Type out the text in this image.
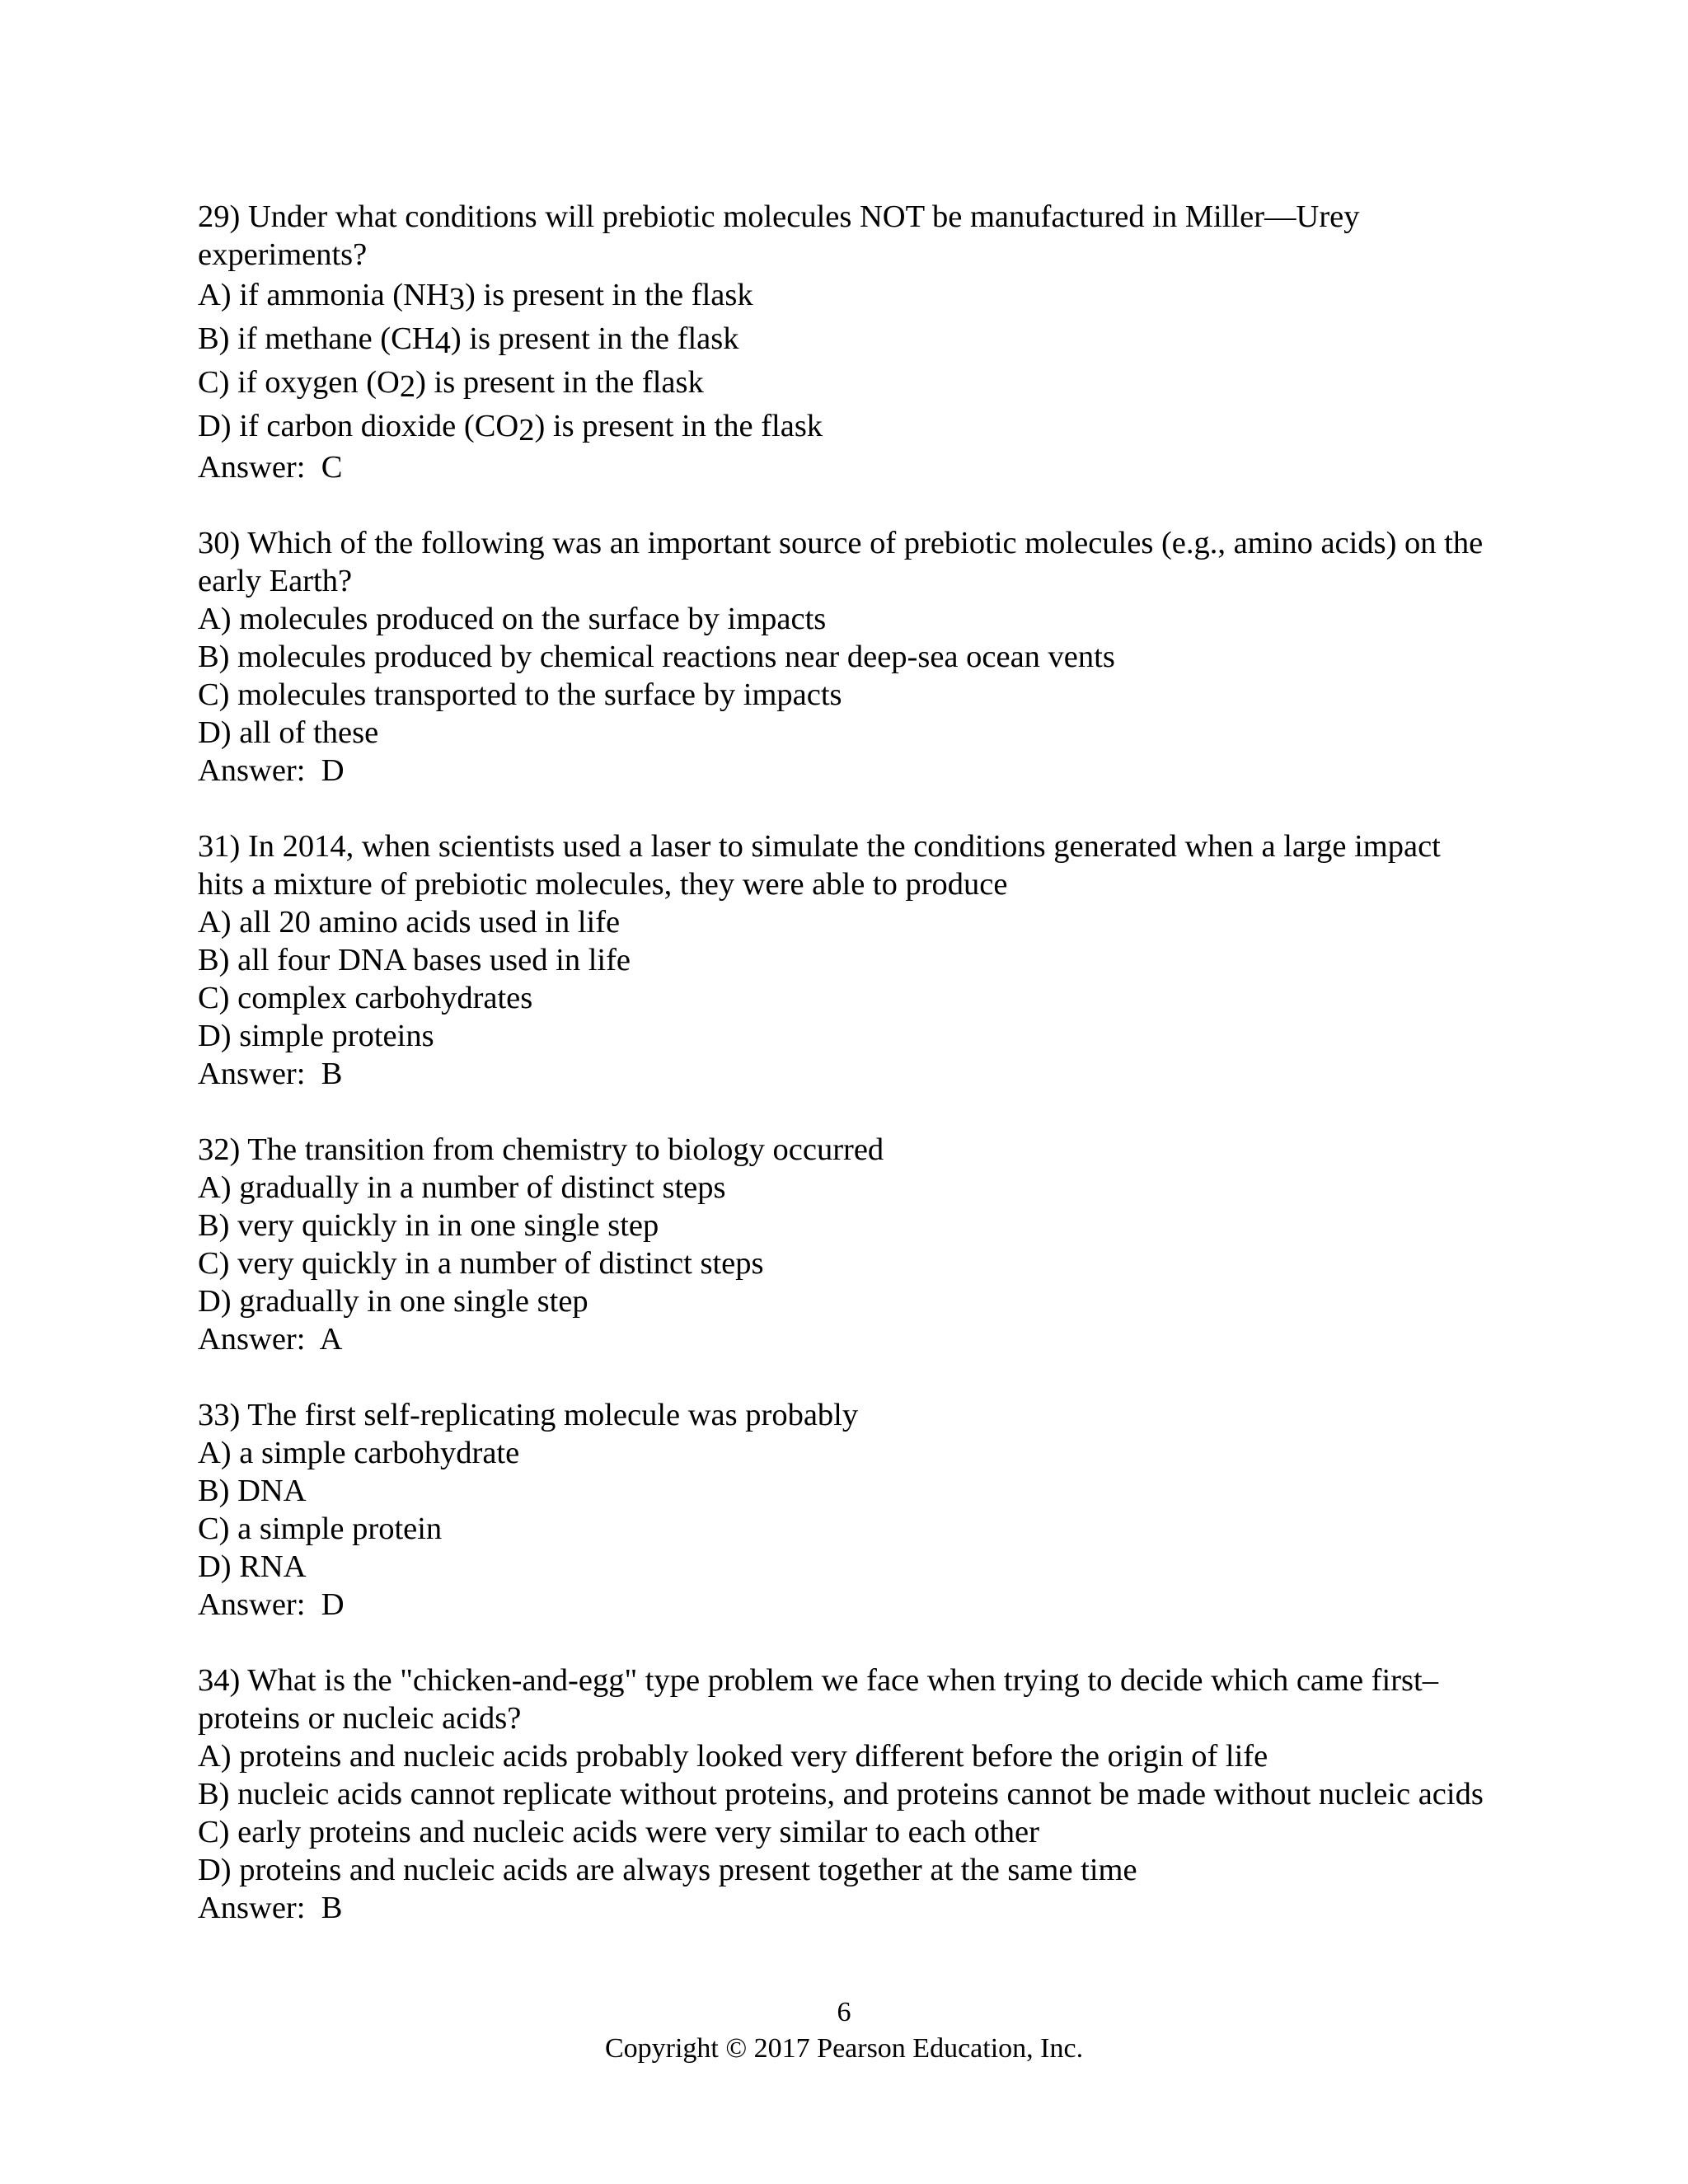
29) Under what conditions will prebiotic molecules NOT be manufactured in Miller—Urey experiments?
A) if ammonia (NH3) is present in the flask
B) if methane (CH4) is present in the flask
C) if oxygen (O2) is present in the flask
D) if carbon dioxide (CO2) is present in the flask
Answer:  C
30) Which of the following was an important source of prebiotic molecules (e.g., amino acids) on the early Earth?
A) molecules produced on the surface by impacts
B) molecules produced by chemical reactions near deep-sea ocean vents
C) molecules transported to the surface by impacts
D) all of these
Answer:  D
31) In 2014, when scientists used a laser to simulate the conditions generated when a large impact hits a mixture of prebiotic molecules, they were able to produce
A) all 20 amino acids used in life
B) all four DNA bases used in life
C) complex carbohydrates
D) simple proteins
Answer:  B
32) The transition from chemistry to biology occurred
A) gradually in a number of distinct steps
B) very quickly in in one single step
C) very quickly in a number of distinct steps
D) gradually in one single step
Answer:  A
33) The first self-replicating molecule was probably
A) a simple carbohydrate
B) DNA
C) a simple protein
D) RNA
Answer:  D
34) What is the "chicken-and-egg" type problem we face when trying to decide which came first–proteins or nucleic acids?
A) proteins and nucleic acids probably looked very different before the origin of life
B) nucleic acids cannot replicate without proteins, and proteins cannot be made without nucleic acids
C) early proteins and nucleic acids were very similar to each other
D) proteins and nucleic acids are always present together at the same time
Answer:  B
6
Copyright © 2017 Pearson Education, Inc.
